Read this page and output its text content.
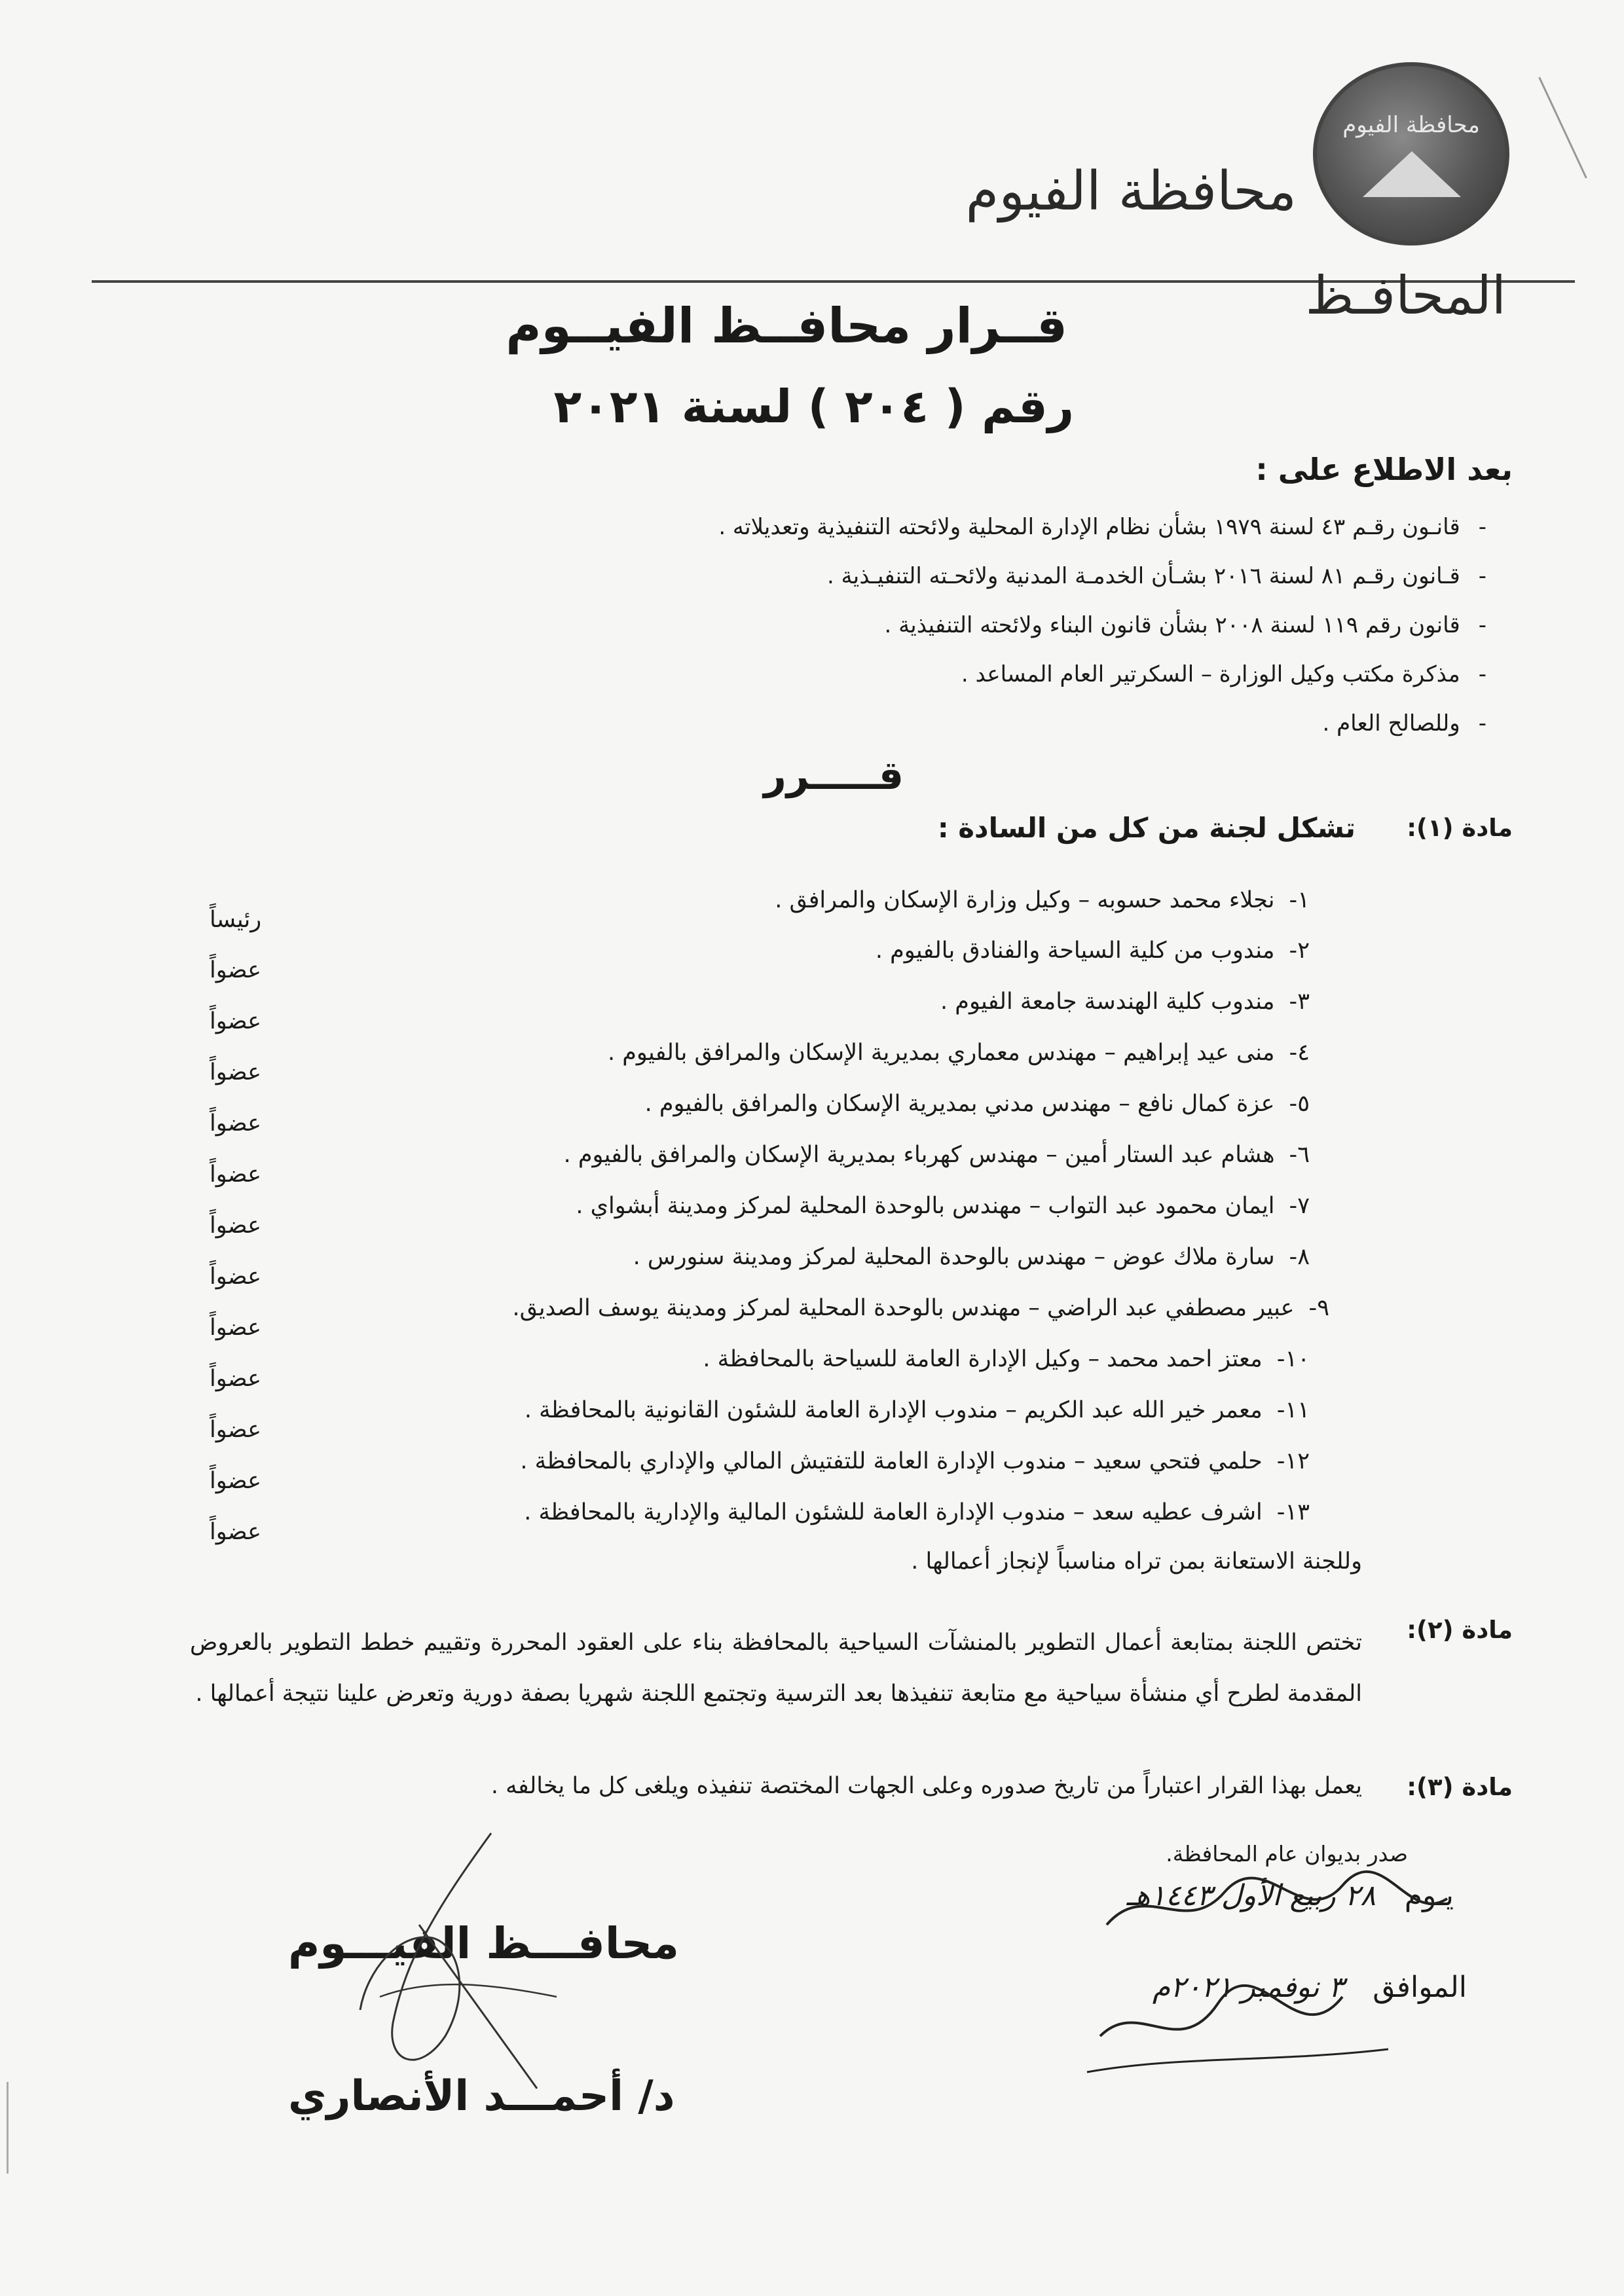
محافظة الفيوم
محافظة الفيوم
المحافـظ
قــرار محافــظ الفيــوم
رقم ( ٢٠٤ ) لسنة ٢٠٢١
بعد الاطلاع على :
-قانـون رقـم ٤٣ لسنة ١٩٧٩ بشأن نظام الإدارة المحلية ولائحته التنفيذية وتعديلاته .
-قـانون رقـم ٨١ لسنة ٢٠١٦ بشـأن الخدمـة المدنية ولائحـته التنفيـذية .
-قانون رقم ١١٩ لسنة ٢٠٠٨ بشأن قانون البناء ولائحته التنفيذية .
-مذكرة مكتب وكيل الوزارة – السكرتير العام المساعد .
-وللصالح العام .
قـــــرر
مادة (١):
تشكل لجنة من كل من السادة :
١-نجلاء محمد حسوبه – وكيل وزارة الإسكان والمرافق .
رئيساً
٢-مندوب من كلية السياحة والفنادق بالفيوم .
عضواً
٣-مندوب كلية الهندسة جامعة الفيوم .
عضواً
٤-منى عيد إبراهيم – مهندس معماري بمديرية الإسكان والمرافق بالفيوم .
عضواً
٥-عزة كمال نافع – مهندس مدني بمديرية الإسكان والمرافق بالفيوم .
عضواً
٦-هشام عبد الستار أمين – مهندس كهرباء بمديرية الإسكان والمرافق بالفيوم .
عضواً
٧-ايمان محمود عبد التواب – مهندس بالوحدة المحلية لمركز ومدينة أبشواي .
عضواً
٨-سارة ملاك عوض – مهندس بالوحدة المحلية لمركز ومدينة سنورس .
عضواً
٩-عبير مصطفي عبد الراضي – مهندس بالوحدة المحلية لمركز ومدينة يوسف الصديق.
عضواً
١٠-معتز احمد محمد – وكيل الإدارة العامة للسياحة بالمحافظة .
عضواً
١١-معمر خير الله عبد الكريم – مندوب الإدارة العامة للشئون القانونية بالمحافظة .
عضواً
١٢-حلمي فتحي سعيد – مندوب الإدارة العامة للتفتيش المالي والإداري بالمحافظة .
عضواً
١٣-اشرف عطيه سعد – مندوب الإدارة العامة للشئون المالية والإدارية بالمحافظة .
عضواً
وللجنة الاستعانة بمن تراه مناسباً لإنجاز أعمالها .
مادة (٢):
تختص اللجنة بمتابعة أعمال التطوير بالمنشآت السياحية بالمحافظة بناء على العقود المحررة وتقييم خطط التطوير بالعروض المقدمة لطرح أي منشأة سياحية مع متابعة تنفيذها بعد الترسية وتجتمع اللجنة شهريا بصفة دورية وتعرض علينا نتيجة أعمالها .
مادة (٣):
يعمل بهذا القرار اعتباراً من تاريخ صدوره وعلى الجهات المختصة تنفيذه ويلغى كل ما يخالفه .
صدر بديوان عام المحافظة.
يـوم ٢٨ ربيع الأول ١٤٤٣هـ
الموافق ٣ نوفمبر ٢٠٢١م
محافـــظ الفيـــوم
د/ أحمـــد الأنصاري
